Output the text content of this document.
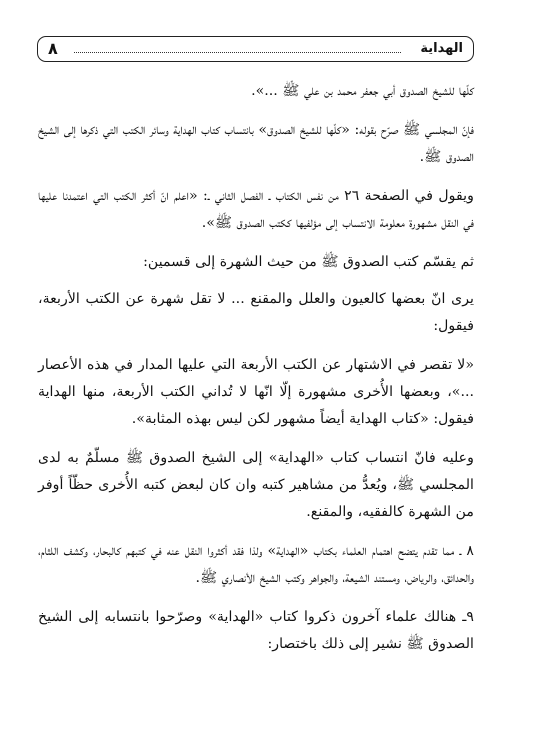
٨	الهداية

كلّها للشيخ الصدوق أبي جعفر محمد بن علي ﷺ ...».

فإنّ المجلسي ﷺ صرّح بقوله: «كلّها للشيخ الصدوق» بانتساب كتاب الهداية وسائر الكتب التي ذكرها إلى الشيخ الصدوق ﷺ.

ويقول في الصفحة ٢٦ من نفس الكتاب ـ الفصل الثاني ـ: «اعلم انّ أكثر الكتب التي اعتمدنا عليها في النقل مشهورة معلومة الانتساب إلى مؤلفيها ككتب الصدوق ﷺ».

ثم يقسّم كتب الصدوق ﷺ من حيث الشهرة إلى قسمين:

يرى انّ بعضها كالعيون والعلل والمقنع ... لا تقل شهرة عن الكتب الأربعة، فيقول:

«لا تقصر في الاشتهار عن الكتب الأربعة التي عليها المدار في هذه الأعصار ...»، وبعضها الأُخرى مشهورة إلّا انّها لا تُداني الكتب الأربعة، منها الهداية فيقول: «كتاب الهداية أيضاً مشهور لكن ليس بهذه المثابة».

وعليه فانّ انتساب كتاب «الهداية» إلى الشيخ الصدوق ﷺ مسلّمٌ به لدى المجلسي ﷺ، ويُعدُّ من مشاهير كتبه وان كان لبعض كتبه الأُخرى حظّاً أوفر من الشهرة كالفقيه، والمقنع.

٨ ـ مما تقدم يتضح اهتمام العلماء بكتاب «الهداية» ولذا فقد أكثروا النقل عنه في كتبهم كالبحار، وكشف اللثام، والحدائق، والرياض، ومستند الشيعة، والجواهر وكتب الشيخ الأنصاري ﷺ.

٩ـ هنالك علماء آخرون ذكروا كتاب «الهداية» وصرّحوا بانتسابه إلى الشيخ الصدوق ﷺ نشير إلى ذلك باختصار:
